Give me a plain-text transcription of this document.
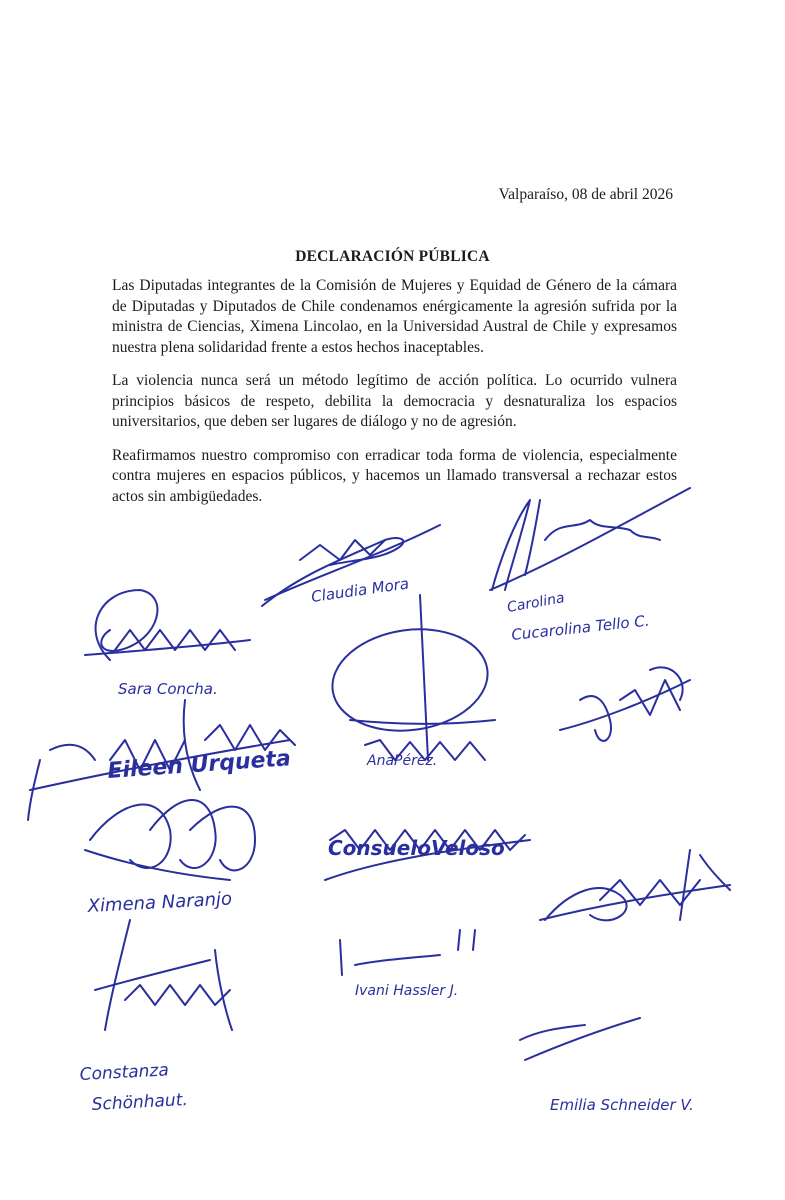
Valparaíso, 08 de abril 2026
DECLARACIÓN PÚBLICA

Las Diputadas integrantes de la Comisión de Mujeres y Equidad de Género de la cámara de Diputadas y Diputados de Chile condenamos enérgicamente la agresión sufrida por la ministra de Ciencias, Ximena Lincolao, en la Universidad Austral de Chile y expresamos nuestra plena solidaridad frente a estos hechos inaceptables.

La violencia nunca será un método legítimo de acción política. Lo ocurrido vulnera principios básicos de respeto, debilita la democracia y desnaturaliza los espacios universitarios, que deben ser lugares de diálogo y no de agresión.

Reafirmamos nuestro compromiso con erradicar toda forma de violencia, especialmente contra mujeres en espacios públicos, y hacemos un llamado transversal a rechazar estos actos sin ambigüedades.

Claudia Mora	Carolina
Cucarolina Tello C.
Sara Concha.
AnaPérez.
Eileen Urqueta
Ximena Naranjo
ConsueloVeloso
Ivani Hassler J.
Constanza
Schönhaut.	Emilia Schneider V.
